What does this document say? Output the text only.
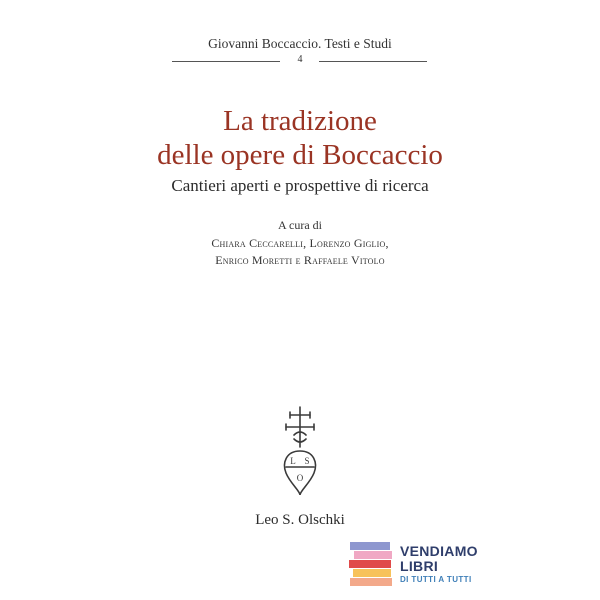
Giovanni Boccaccio. Testi e Studi
4
La tradizione
delle opere di Boccaccio
Cantieri aperti e prospettive di ricerca
A cura di
Chiara Ceccarelli, Lorenzo Giglio,
Enrico Moretti e Raffaele Vitolo
L S
O
Leo S. Olschki
VENDIAMO
LIBRI
DI TUTTI A TUTTI
